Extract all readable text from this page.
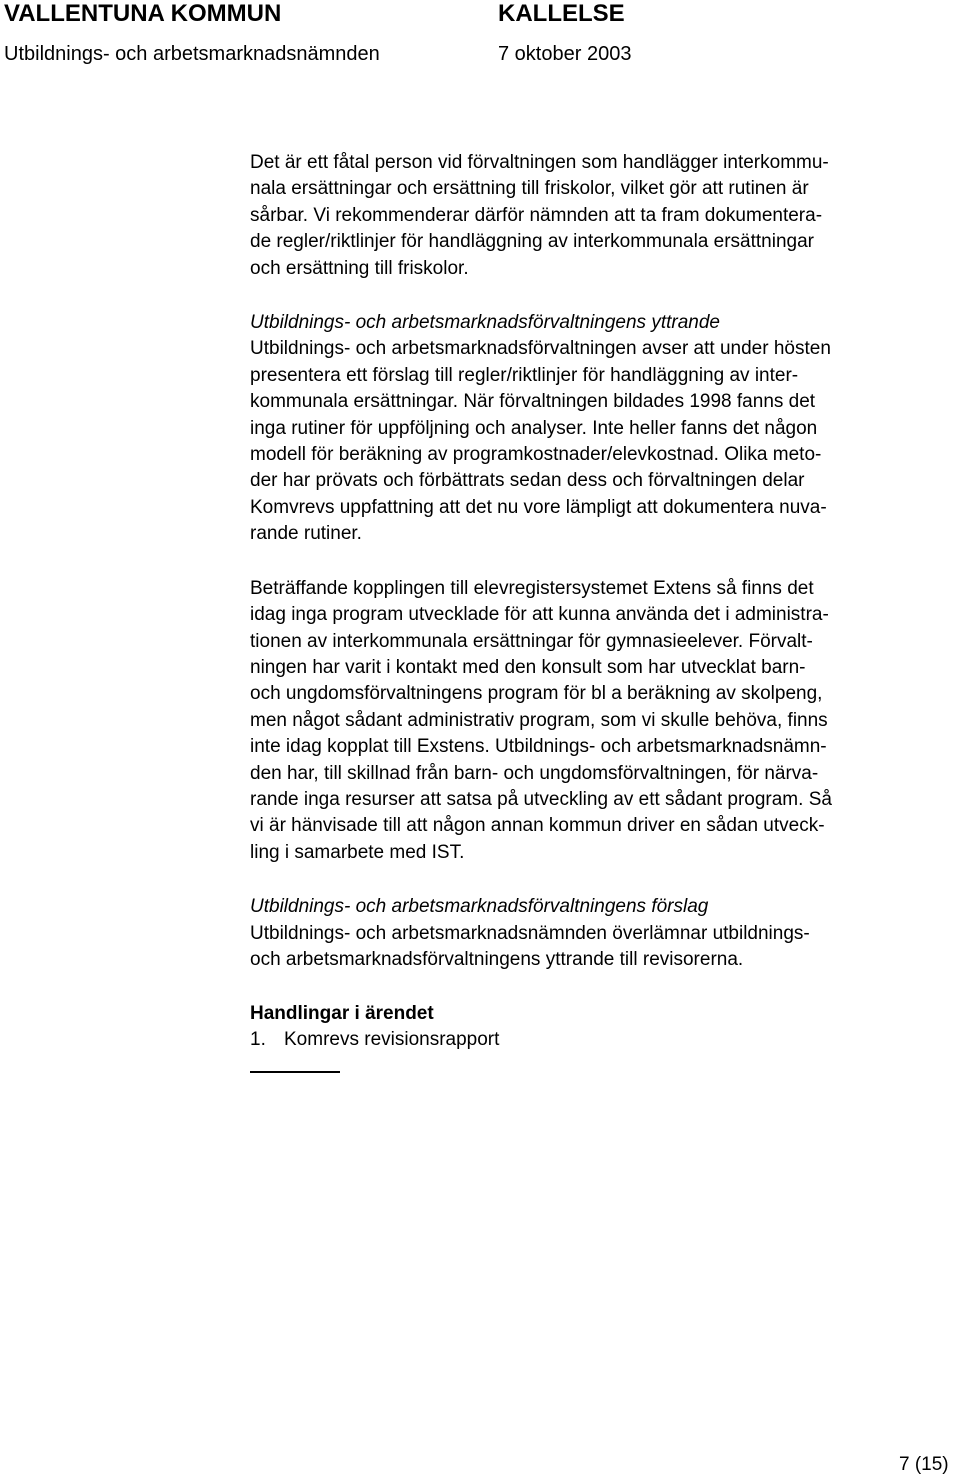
VALLENTUNA KOMMUN
Utbildnings- och arbetsmarknadsnämnden
KALLELSE
7 oktober 2003

Det är ett fåtal person vid förvaltningen som handlägger interkommu-
nala ersättningar och ersättning till friskolor, vilket gör att rutinen är
sårbar. Vi rekommenderar därför nämnden att ta fram dokumentera-
de regler/riktlinjer för handläggning av interkommunala ersättningar
och ersättning till friskolor.

Utbildnings- och arbetsmarknadsförvaltningens yttrande
Utbildnings- och arbetsmarknadsförvaltningen avser att under hösten
presentera ett förslag till regler/riktlinjer för handläggning av inter-
kommunala ersättningar. När förvaltningen bildades 1998 fanns det
inga rutiner för uppföljning och analyser. Inte heller fanns det någon
modell för beräkning av programkostnader/elevkostnad. Olika meto-
der har prövats och förbättrats sedan dess och förvaltningen delar
Komvrevs uppfattning att det nu vore lämpligt att dokumentera nuva-
rande rutiner.

Beträffande kopplingen till elevregistersystemet Extens så finns det
idag inga program utvecklade för att kunna använda det i administra-
tionen av interkommunala ersättningar för gymnasieelever. Förvalt-
ningen har varit i kontakt med den konsult som har utvecklat barn-
och ungdomsförvaltningens program för bl a beräkning av skolpeng,
men något sådant administrativ program, som vi skulle behöva, finns
inte idag kopplat till Exstens. Utbildnings- och arbetsmarknadsnämn-
den har, till skillnad från barn- och ungdomsförvaltningen, för närva-
rande inga resurser att satsa på utveckling av ett sådant program. Så
vi är hänvisade till att någon annan kommun driver en sådan utveck-
ling i samarbete med IST.

Utbildnings- och arbetsmarknadsförvaltningens förslag
Utbildnings- och arbetsmarknadsnämnden överlämnar utbildnings-
och arbetsmarknadsförvaltningens yttrande till revisorerna.

Handlingar i ärendet
1. Komrevs revisionsrapport
7 (15)
